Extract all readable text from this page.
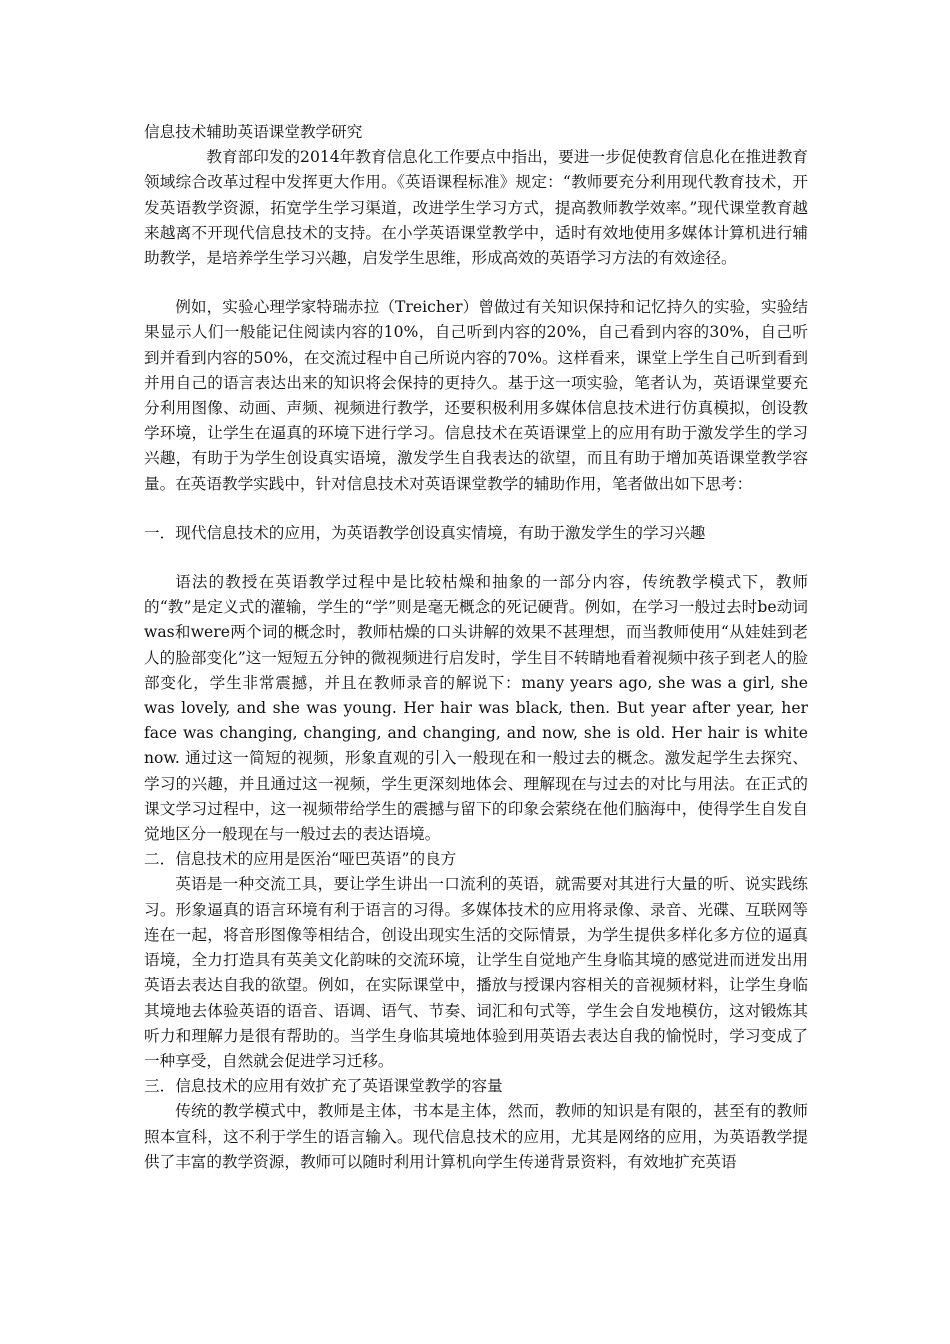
信息技术辅助英语课堂教学研究

教育部印发的2014年教育信息化工作要点中指出，要进一步促使教育信息化在推进教育领域综合改革过程中发挥更大作用。《英语课程标准》规定：“教师要充分利用现代教育技术，开发英语教学资源，拓宽学生学习渠道，改进学生学习方式，提高教师教学效率。”现代课堂教育越来越离不开现代信息技术的支持。在小学英语课堂教学中，适时有效地使用多媒体计算机进行辅助教学，是培养学生学习兴趣，启发学生思维，形成高效的英语学习方法的有效途径。

例如，实验心理学家特瑞赤拉（Treicher）曾做过有关知识保持和记忆持久的实验，实验结果显示人们一般能记住阅读内容的10%，自己听到内容的20%，自己看到内容的30%，自己听到并看到内容的50%，在交流过程中自己所说内容的70%。这样看来，课堂上学生自己听到看到并用自己的语言表达出来的知识将会保持的更持久。基于这一项实验，笔者认为，英语课堂要充分利用图像、动画、声频、视频进行教学，还要积极利用多媒体信息技术进行仿真模拟，创设教学环境，让学生在逼真的环境下进行学习。信息技术在英语课堂上的应用有助于激发学生的学习兴趣，有助于为学生创设真实语境，激发学生自我表达的欲望，而且有助于增加英语课堂教学容量。在英语教学实践中，针对信息技术对英语课堂教学的辅助作用，笔者做出如下思考：

一．现代信息技术的应用，为英语教学创设真实情境，有助于激发学生的学习兴趣

语法的教授在英语教学过程中是比较枯燥和抽象的一部分内容，传统教学模式下，教师的“教”是定义式的灌输，学生的“学”则是毫无概念的死记硬背。例如，在学习一般过去时be动词was和were两个词的概念时，教师枯燥的口头讲解的效果不甚理想，而当教师使用“从娃娃到老人的脸部变化”这一短短五分钟的微视频进行启发时，学生目不转睛地看着视频中孩子到老人的脸部变化，学生非常震撼，并且在教师录音的解说下：many years ago, she was a girl, she was lovely, and she was young. Her hair was black, then. But year after year, her face was changing, changing, and changing, and now, she is old. Her hair is white now. 通过这一简短的视频，形象直观的引入一般现在和一般过去的概念。激发起学生去探究、学习的兴趣，并且通过这一视频，学生更深刻地体会、理解现在与过去的对比与用法。在正式的课文学习过程中，这一视频带给学生的震撼与留下的印象会萦绕在他们脑海中，使得学生自发自觉地区分一般现在与一般过去的表达语境。

二．信息技术的应用是医治“哑巴英语”的良方

英语是一种交流工具，要让学生讲出一口流利的英语，就需要对其进行大量的听、说实践练习。形象逼真的语言环境有利于语言的习得。多媒体技术的应用将录像、录音、光碟、互联网等连在一起，将音形图像等相结合，创设出现实生活的交际情景，为学生提供多样化多方位的逼真语境，全力打造具有英美文化韵味的交流环境，让学生自觉地产生身临其境的感觉进而迸发出用英语去表达自我的欲望。例如，在实际课堂中，播放与授课内容相关的音视频材料，让学生身临其境地去体验英语的语音、语调、语气、节奏、词汇和句式等，学生会自发地模仿，这对锻炼其听力和理解力是很有帮助的。当学生身临其境地体验到用英语去表达自我的愉悦时，学习变成了一种享受，自然就会促进学习迁移。

三．信息技术的应用有效扩充了英语课堂教学的容量

传统的教学模式中，教师是主体，书本是主体，然而，教师的知识是有限的，甚至有的教师照本宣科，这不利于学生的语言输入。现代信息技术的应用，尤其是网络的应用，为英语教学提供了丰富的教学资源，教师可以随时利用计算机向学生传递背景资料，有效地扩充英语
